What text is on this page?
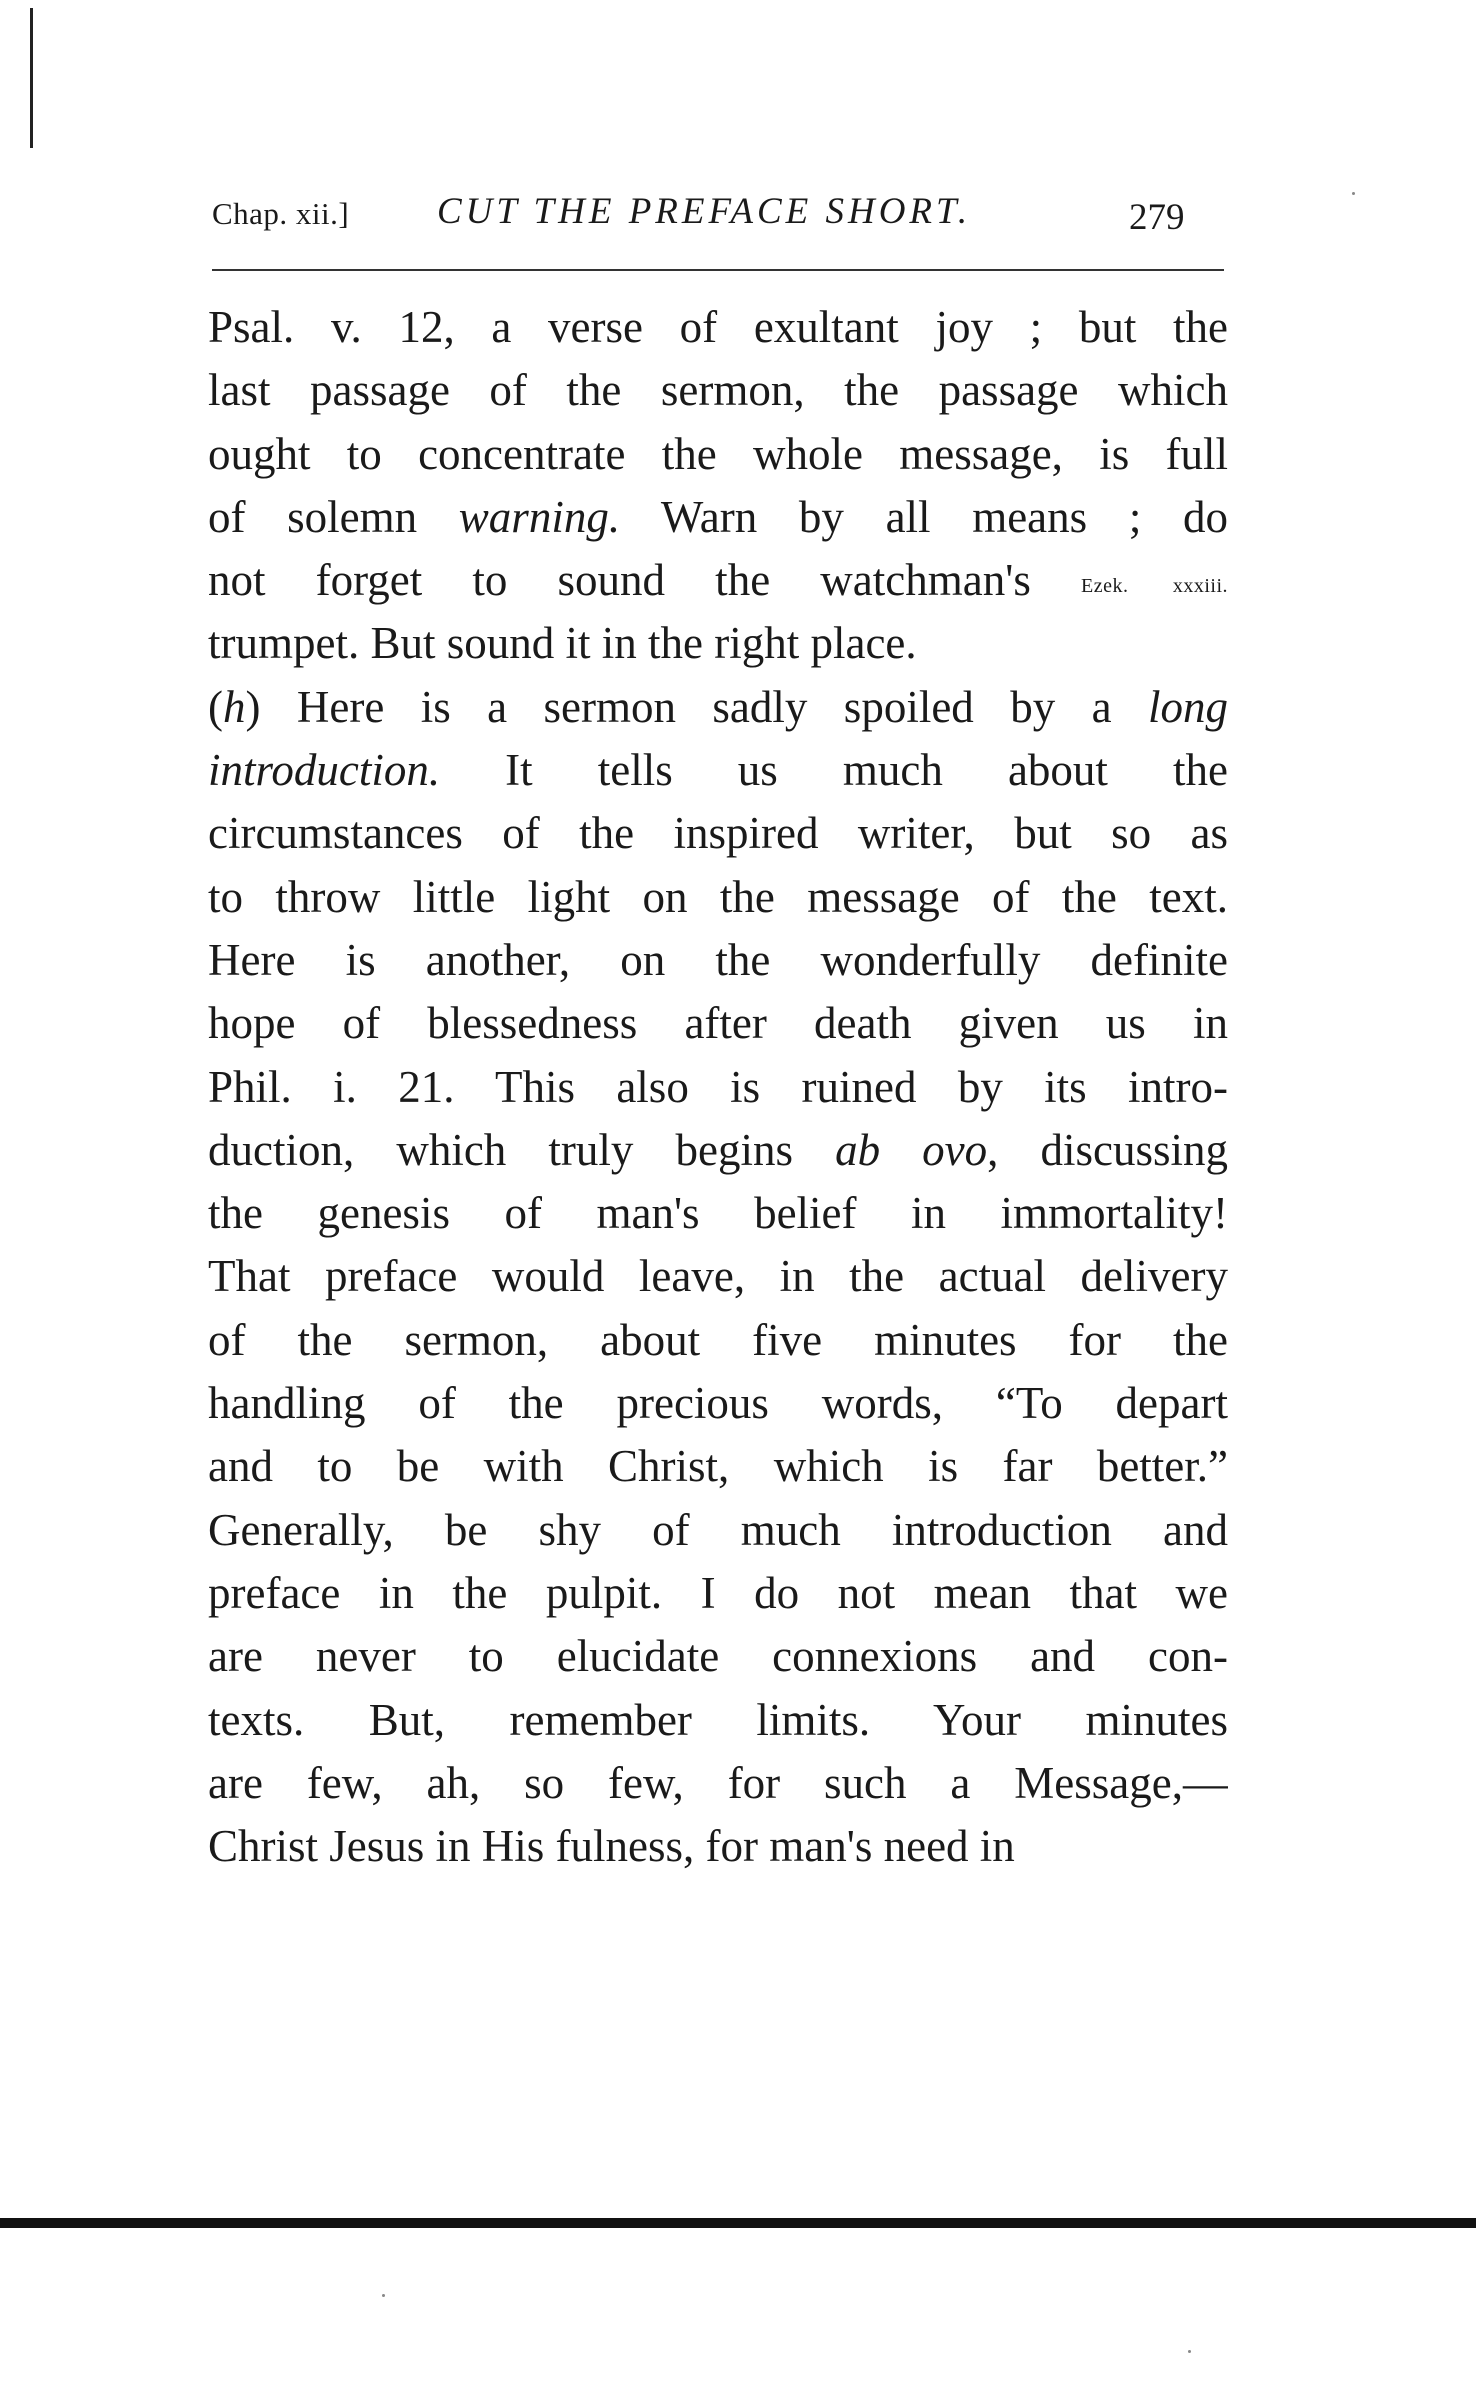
Chap. xii.] CUT THE PREFACE SHORT.	279
Psal. v. 12, a verse of exultant joy ; but the
last passage of the sermon, the passage which
ought to concentrate the whole message, is full
of solemn warning. Warn by all means ; do
not forget to sound the watchman's Ezek. xxxiii.
trumpet. But sound it in the right place.
(h) Here is a sermon sadly spoiled by a long
introduction. It tells us much about the
circumstances of the inspired writer, but so as
to throw little light on the message of the text.
Here is another, on the wonderfully definite
hope of blessedness after death given us in
Phil. i. 21. This also is ruined by its intro-
duction, which truly begins ab ovo, discussing
the genesis of man's belief in immortality!
That preface would leave, in the actual delivery
of the sermon, about five minutes for the
handling of the precious words, “To depart
and to be with Christ, which is far better.”
Generally, be shy of much introduction and
preface in the pulpit. I do not mean that we
are never to elucidate connexions and con-
texts. But, remember limits. Your minutes
are few, ah, so few, for such a Message,—
Christ Jesus in His fulness, for man's need in
